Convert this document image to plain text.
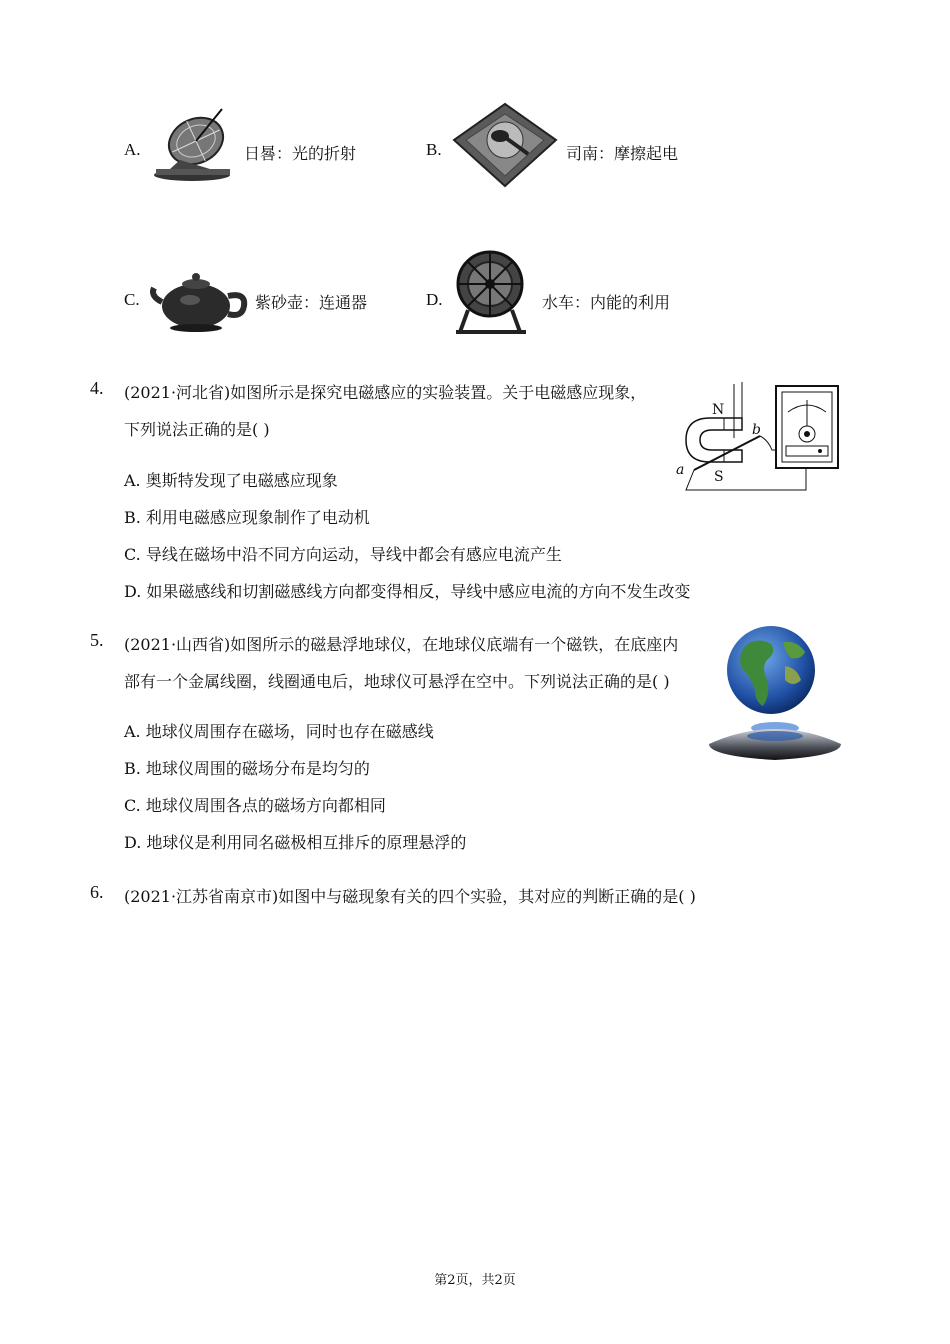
A.	日晷：光的折射	B.	司南：摩擦起电
C.	紫砂壶：连通器	D.	水车：内能的利用
4. (2021·河北省)如图所示是探究电磁感应的实验装置。关于电磁感应现象，
下列说法正确的是( )
A. 奥斯特发现了电磁感应现象
B. 利用电磁感应现象制作了电动机
C. 导线在磁场中沿不同方向运动，导线中都会有感应电流产生
D. 如果磁感线和切割磁感线方向都变得相反，导线中感应电流的方向不发生改变
N
S
a
b
5. (2021·山西省)如图所示的磁悬浮地球仪，在地球仪底端有一个磁铁，在底座内
部有一个金属线圈，线圈通电后，地球仪可悬浮在空中。下列说法正确的是( )
A. 地球仪周围存在磁场，同时也存在磁感线
B. 地球仪周围的磁场分布是均匀的
C. 地球仪周围各点的磁场方向都相同
D. 地球仪是利用同名磁极相互排斥的原理悬浮的
6. (2021·江苏省南京市)如图中与磁现象有关的四个实验，其对应的判断正确的是( )
第2页，共2页
